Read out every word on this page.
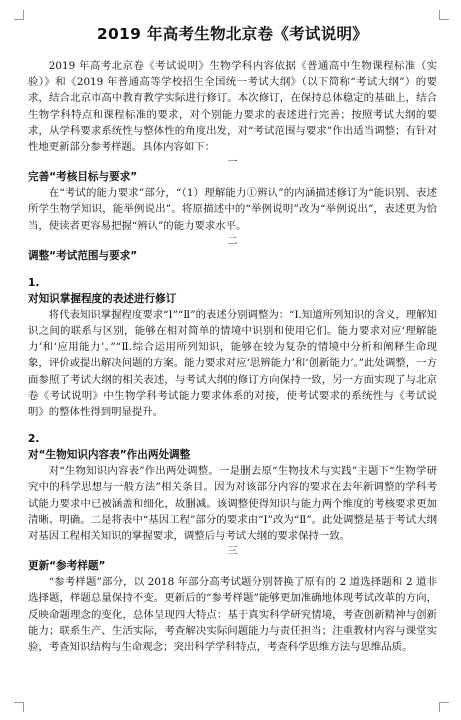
2019 年高考生物北京卷《考试说明》

2019 年高考北京卷《考试说明》生物学科内容依据《普通高中生物课程标准（实验）》和《2019 年普通高等学校招生全国统一考试大纲》（以下简称“考试大纲”）的要求，结合北京市高中教育教学实际进行修订。本次修订，在保持总体稳定的基础上，结合生物学科特点和课程标准的要求，对个别能力要求的表述进行完善；按照考试大纲的要求，从学科要求系统性与整体性的角度出发，对“考试范围与要求”作出适当调整；有针对性地更新部分参考样题。具体内容如下：

一
完善“考核目标与要求”

在“考试的能力要求”部分，“（1）理解能力①辨认”的内涵描述修订为“能识别、表述所学生物学知识，能举例说出”。将原描述中的“举例说明”改为“举例说出”，表述更为恰当，使读者更容易把握“辨认”的能力要求水平。

二
调整“考试范围与要求”
1.
对知识掌握程度的表述进行修订

将代表知识掌握程度要求“Ⅰ”“Ⅱ”的表述分别调整为：“Ⅰ.知道所列知识的含义，理解知识之间的联系与区别，能够在相对简单的情境中识别和使用它们。能力要求对应‘理解能力’和‘应用能力’。”“Ⅱ.综合运用所列知识，能够在较为复杂的情境中分析和阐释生命现象，评价或提出解决问题的方案。能力要求对应‘思辨能力’和‘创新能力’。”此处调整，一方面参照了考试大纲的相关表述，与考试大纲的修订方向保持一致，另一方面实现了与北京卷《考试说明》中生物学科考试能力要求体系的对接，使考试要求的系统性与《考试说明》的整体性得到明显提升。

2.
对“生物知识内容表”作出两处调整

对“生物知识内容表”作出两处调整。一是删去原“生物技术与实践”主题下“生物学研究中的科学思想与一般方法”相关条目。因为对该部分内容的要求在去年新调整的学科考试能力要求中已被涵盖和细化，故删减。该调整使得知识与能力两个维度的考核要求更加清晰、明确。二是将表中“基因工程”部分的要求由“Ⅰ”改为“Ⅱ”。此处调整是基于考试大纲对基因工程相关知识的掌握要求，调整后与考试大纲的要求保持一致。

三
更新“参考样题”

“参考样题”部分，以 2018 年部分高考试题分别替换了原有的 2 道选择题和 2 道非选择题，样题总量保持不变。更新后的“参考样题”能够更加准确地体现考试改革的方向，反映命题理念的变化，总体呈现四大特点：基于真实科学研究情境，考查创新精神与创新能力；联系生产、生活实际，考查解决实际问题能力与责任担当；注重教材内容与课堂实验，考查知识结构与生命观念；突出科学学科特点，考查科学思维方法与思维品质。
